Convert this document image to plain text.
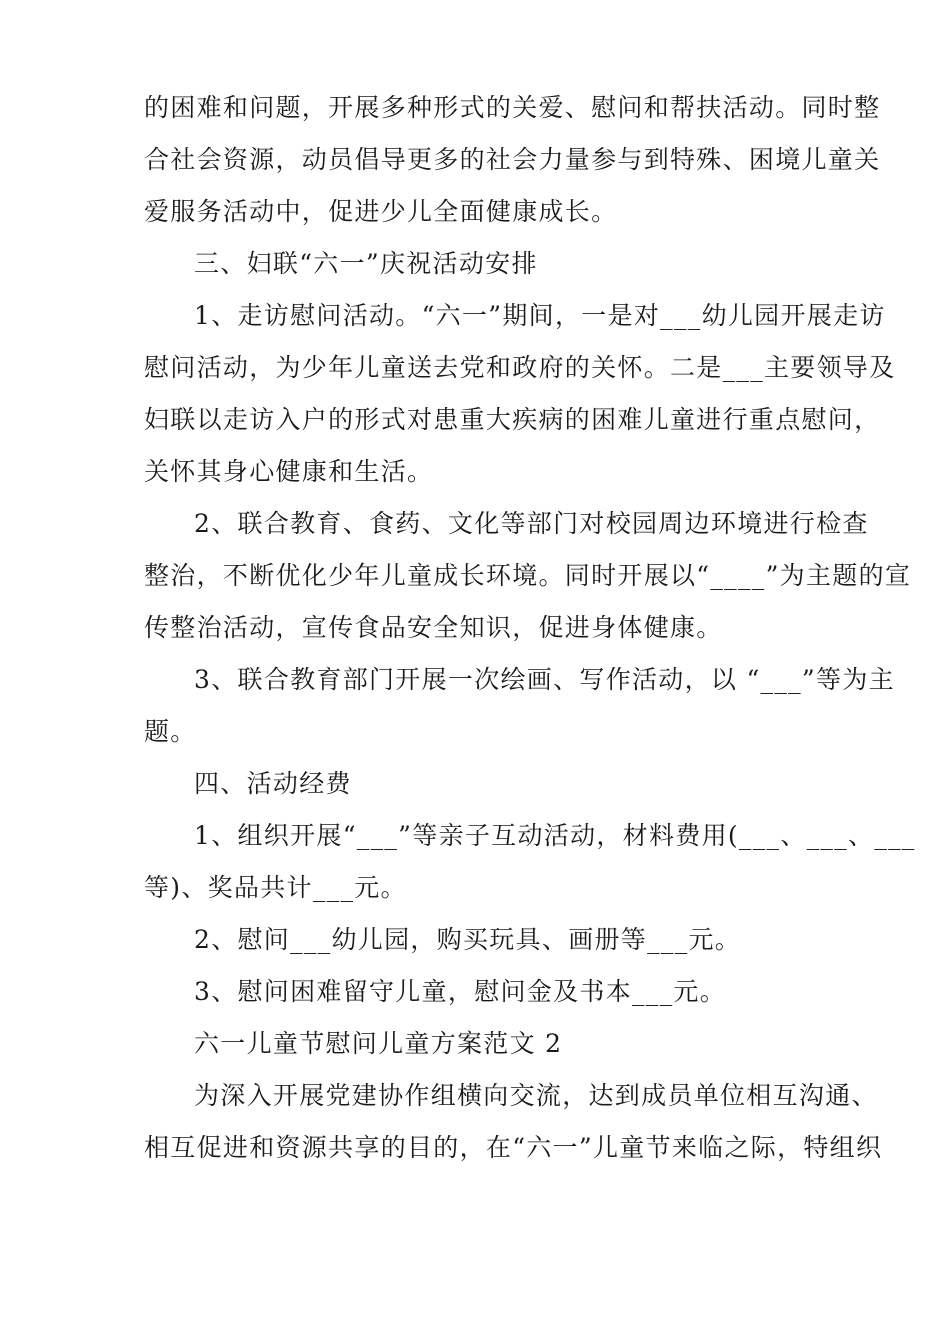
的困难和问题，开展多种形式的关爱、慰问和帮扶活动。同时整
合社会资源，动员倡导更多的社会力量参与到特殊、困境儿童关
爱服务活动中，促进少儿全面健康成长。
三、妇联“六一”庆祝活动安排
1、走访慰问活动。“六一”期间，一是对___幼儿园开展走访
慰问活动，为少年儿童送去党和政府的关怀。二是___主要领导及
妇联以走访入户的形式对患重大疾病的困难儿童进行重点慰问，
关怀其身心健康和生活。
2、联合教育、食药、文化等部门对校园周边环境进行检查
整治，不断优化少年儿童成长环境。同时开展以“____”为主题的宣
传整治活动，宣传食品安全知识，促进身体健康。
3、联合教育部门开展一次绘画、写作活动，以 “___”等为主
题。
四、活动经费
1、组织开展“___”等亲子互动活动，材料费用(___、___、___
等)、奖品共计___元。
2、慰问___幼儿园，购买玩具、画册等___元。
3、慰问困难留守儿童，慰问金及书本___元。
六一儿童节慰问儿童方案范文 2
为深入开展党建协作组横向交流，达到成员单位相互沟通、
相互促进和资源共享的目的，在“六一”儿童节来临之际，特组织
